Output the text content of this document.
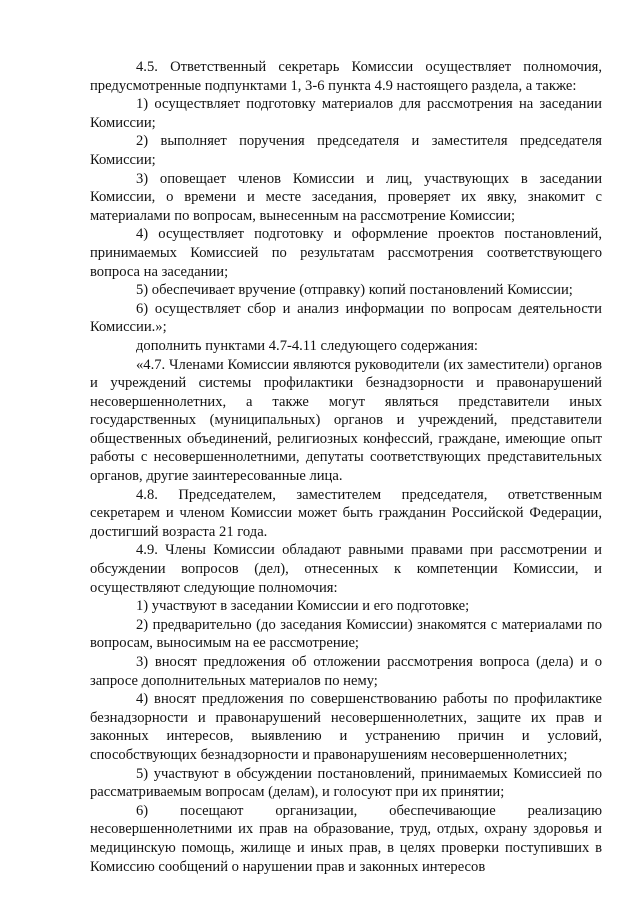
4.5. Ответственный секретарь Комиссии осуществляет полномочия, предусмотренные подпунктами 1, 3-6 пункта 4.9 настоящего раздела, а также:

1) осуществляет подготовку материалов для рассмотрения на заседании Комиссии;

2) выполняет поручения председателя и заместителя председателя Комиссии;

3) оповещает членов Комиссии и лиц, участвующих в заседании Комиссии, о времени и месте заседания, проверяет их явку, знакомит с материалами по вопросам, вынесенным на рассмотрение Комиссии;

4) осуществляет подготовку и оформление проектов постановлений, принимаемых Комиссией по результатам рассмотрения соответствующего вопроса на заседании;

5) обеспечивает вручение (отправку) копий постановлений Комиссии;

6) осуществляет сбор и анализ информации по вопросам деятельности Комиссии.»;

дополнить пунктами 4.7-4.11 следующего содержания:

«4.7. Членами Комиссии являются руководители (их заместители) органов и учреждений системы профилактики безнадзорности и правонарушений несовершеннолетних, а также могут являться представители иных государственных (муниципальных) органов и учреждений, представители общественных объединений, религиозных конфессий, граждане, имеющие опыт работы с несовершеннолетними, депутаты соответствующих представительных органов, другие заинтересованные лица.

4.8. Председателем, заместителем председателя, ответственным секретарем и членом Комиссии может быть гражданин Российской Федерации, достигший возраста 21 года.

4.9. Члены Комиссии обладают равными правами при рассмотрении и обсуждении вопросов (дел), отнесенных к компетенции Комиссии, и осуществляют следующие полномочия:

1) участвуют в заседании Комиссии и его подготовке;

2) предварительно (до заседания Комиссии) знакомятся с материалами по вопросам, выносимым на ее рассмотрение;

3) вносят предложения об отложении рассмотрения вопроса (дела) и о запросе дополнительных материалов по нему;

4) вносят предложения по совершенствованию работы по профилактике безнадзорности и правонарушений несовершеннолетних, защите их прав и законных интересов, выявлению и устранению причин и условий, способствующих безнадзорности и правонарушениям несовершеннолетних;

5) участвуют в обсуждении постановлений, принимаемых Комиссией по рассматриваемым вопросам (делам), и голосуют при их принятии;

6) посещают организации, обеспечивающие реализацию несовершеннолетними их прав на образование, труд, отдых, охрану здоровья и медицинскую помощь, жилище и иных прав, в целях проверки поступивших в Комиссию сообщений о нарушении прав и законных интересов
